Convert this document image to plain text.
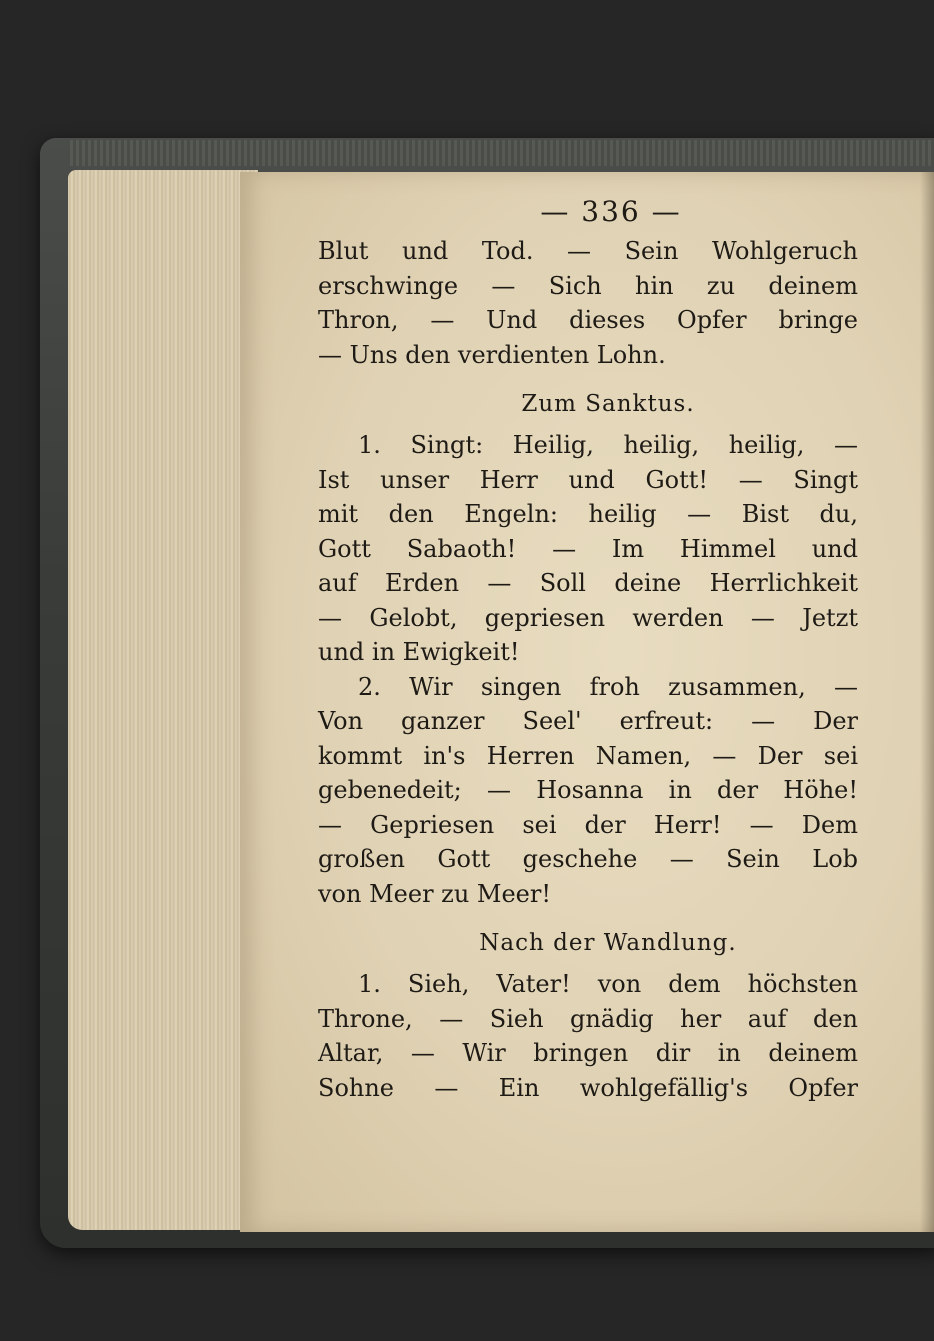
— 336 —
Blut und Tod. — Sein Wohlgeruch
erschwinge — Sich hin zu deinem
Thron, — Und dieses Opfer bringe
— Uns den verdienten Lohn.
Zum Sanktus.
1. Singt: Heilig, heilig, heilig, —
Ist unser Herr und Gott! — Singt
mit den Engeln: heilig — Bist du,
Gott Sabaoth! — Im Himmel und
auf Erden — Soll deine Herrlichkeit
— Gelobt, gepriesen werden — Jetzt
und in Ewigkeit!
2. Wir singen froh zusammen, —
Von ganzer Seel' erfreut: — Der
kommt in's Herren Namen, — Der sei
gebenedeit; — Hosanna in der Höhe!
— Gepriesen sei der Herr! — Dem
großen Gott geschehe — Sein Lob
von Meer zu Meer!
Nach der Wandlung.
1. Sieh, Vater! von dem höchsten
Throne, — Sieh gnädig her auf den
Altar, — Wir bringen dir in deinem
Sohne — Ein wohlgefällig's Opfer
